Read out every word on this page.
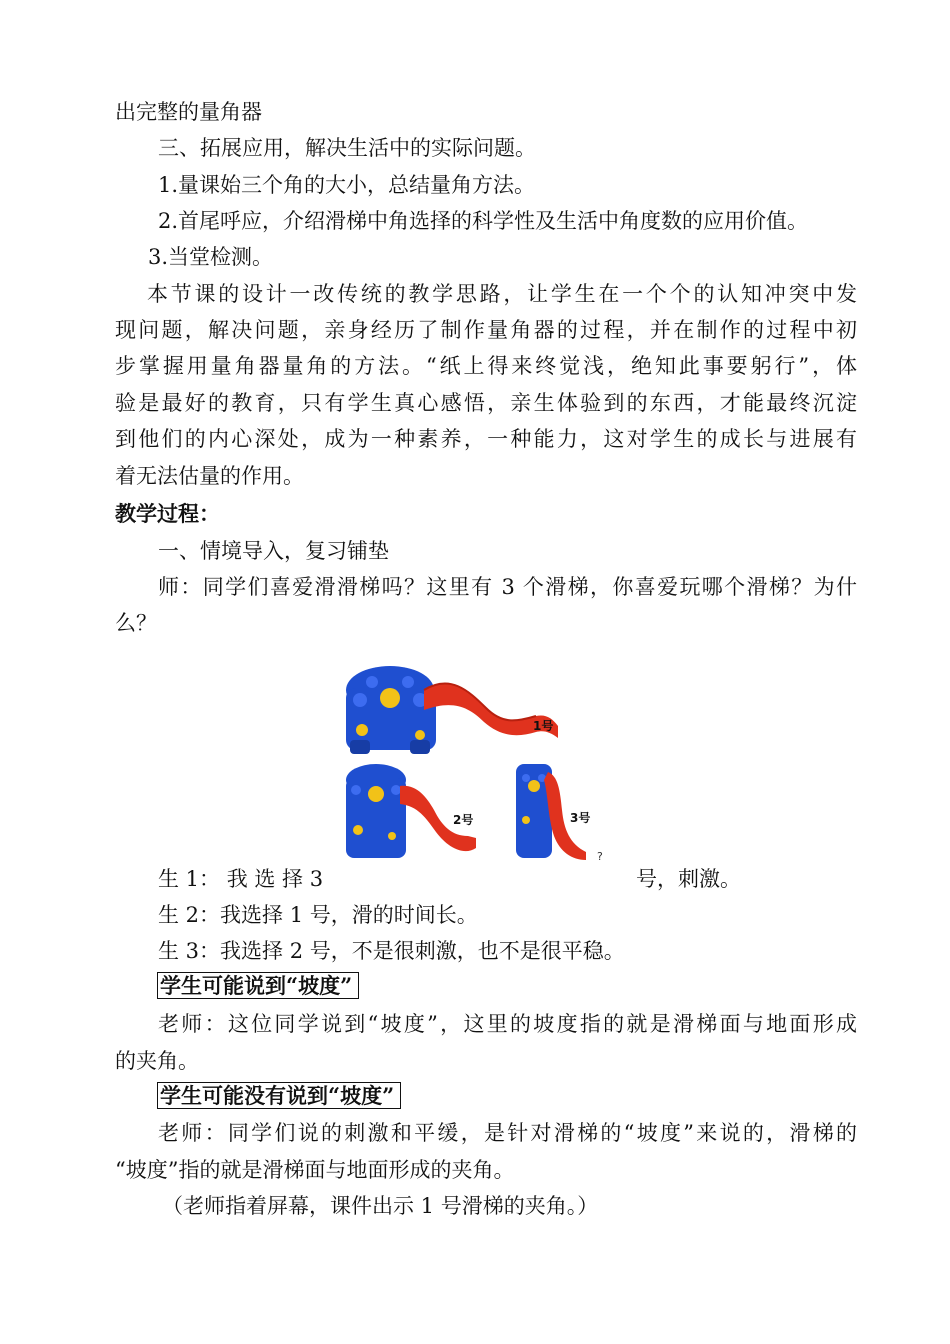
出完整的量角器
三、拓展应用，解决生活中的实际问题。
1.量课始三个角的大小，总结量角方法。
2.首尾呼应，介绍滑梯中角选择的科学性及生活中角度数的应用价值。
3.当堂检测。
本节课的设计一改传统的教学思路，让学生在一个个的认知冲突中发
现问题，解决问题，亲身经历了制作量角器的过程，并在制作的过程中初
步掌握用量角器量角的方法。“纸上得来终觉浅，绝知此事要躬行”，体
验是最好的教育，只有学生真心感悟，亲生体验到的东西，才能最终沉淀
到他们的内心深处，成为一种素养，一种能力，这对学生的成长与进展有
着无法估量的作用。
教学过程：
一、情境导入，复习铺垫
师：同学们喜爱滑滑梯吗？这里有 3 个滑梯，你喜爱玩哪个滑梯？为什
么？
1号
2号	3号
?
生 1： 我 选 择 3	号，刺激。
生 2：我选择 1 号，滑的时间长。
生 3：我选择 2 号，不是很刺激，也不是很平稳。
学生可能说到“坡度”
老师：这位同学说到“坡度”，这里的坡度指的就是滑梯面与地面形成
的夹角。
学生可能没有说到“坡度”
老师：同学们说的刺激和平缓，是针对滑梯的“坡度”来说的，滑梯的
“坡度”指的就是滑梯面与地面形成的夹角。
（老师指着屏幕，课件出示 1 号滑梯的夹角。）
